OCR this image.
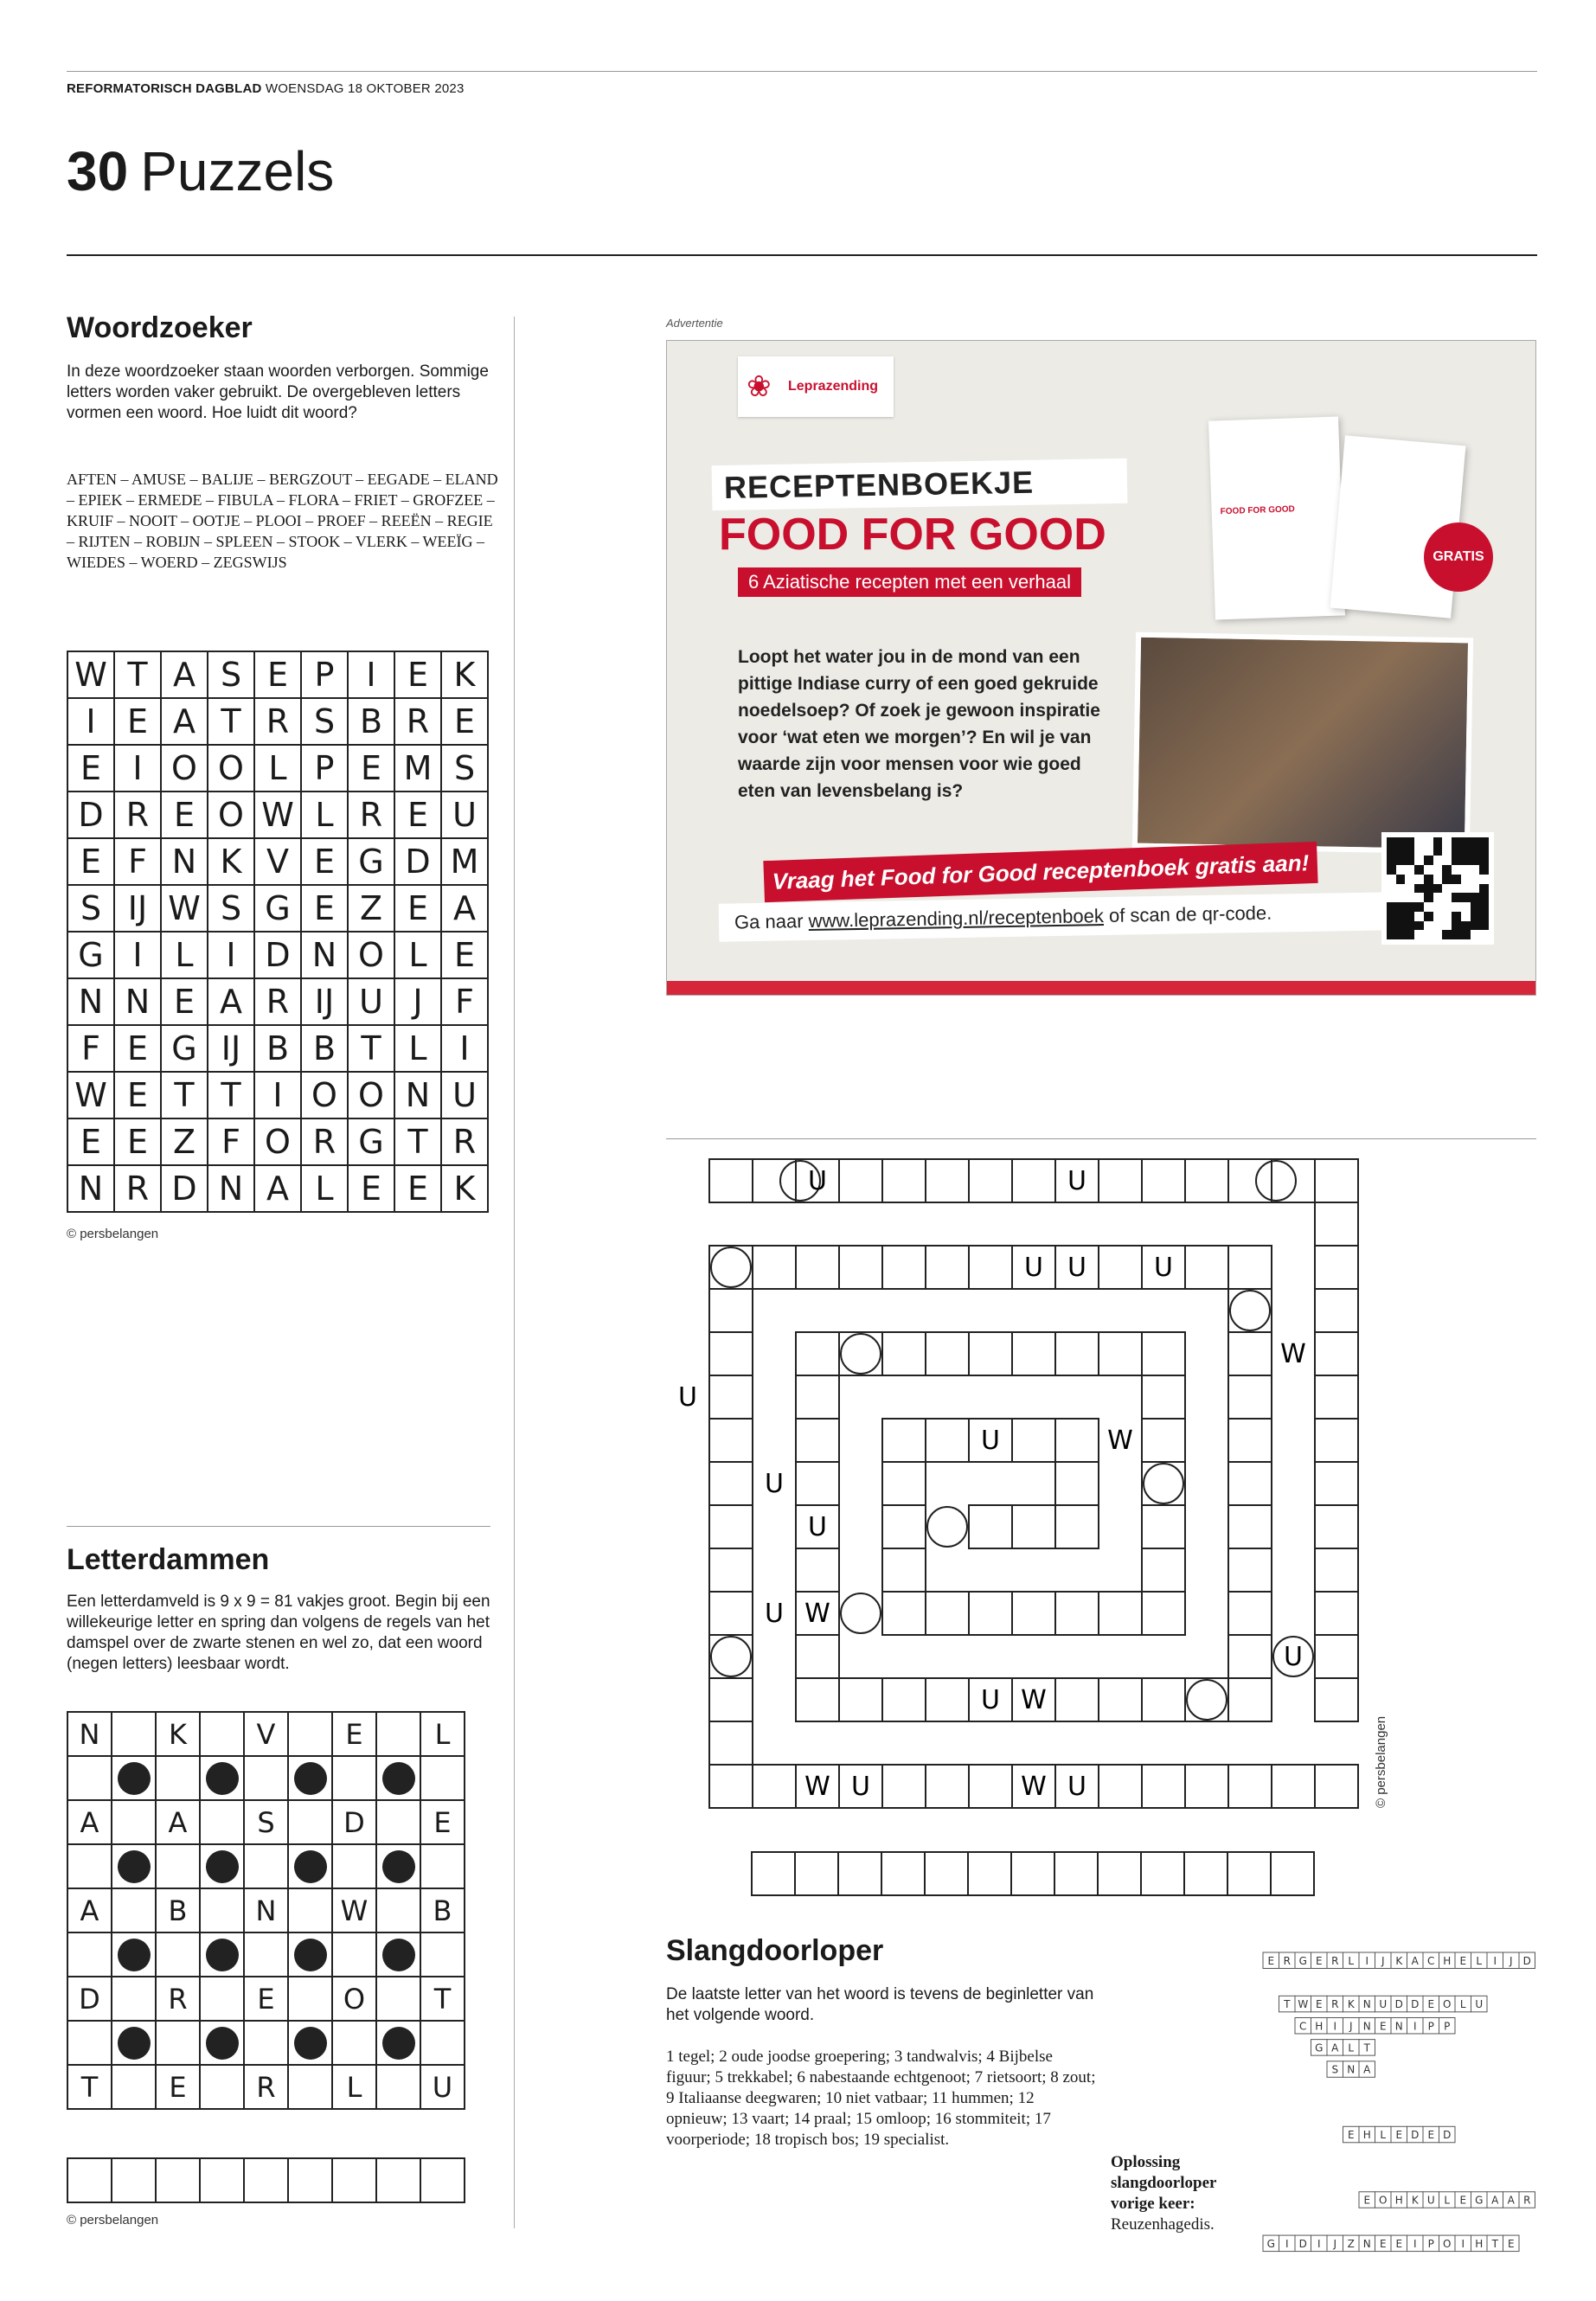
REFORMATORISCH DAGBLAD WOENSDAG 18 OKTOBER 2023
30 Puzzels
Woordzoeker
In deze woordzoeker staan woorden verborgen. Sommige letters worden vaker gebruikt. De overgebleven letters vormen een woord. Hoe luidt dit woord?
AFTEN – AMUSE – BALIJE – BERGZOUT – EEGADE – ELAND – EPIEK – ERMEDE – FIBULA – FLORA – FRIET – GROFZEE – KRUIF – NOOIT – OOTJE – PLOOI – PROEF – REEËN – REGIE – RIJTEN – ROBIJN – SPLEEN – STOOK – VLERK – WEEÏG – WIEDES – WOERD – ZEGSWIJS
W	T	A	S	E	P	I	E	K
I	E	A	T	R	S	B	R	E
E	I	O	O	L	P	E	M	S
D	R	E	O	W	L	R	E	U
E	F	N	K	V	E	G	D	M
S	IJ	W	S	G	E	Z	E	A
G	I	L	I	D	N	O	L	E
N	N	E	A	R	IJ	U	J	F
F	E	G	IJ	B	B	T	L	I
W	E	T	T	I	O	O	N	U
E	E	Z	F	O	R	G	T	R
N	R	D	N	A	L	E	E	K
© persbelangen
Letterdammen
Een letterdamveld is 9 x 9 = 81 vakjes groot. Begin bij een willekeurige letter en spring dan volgens de regels van het damspel over de zwarte stenen en wel zo, dat een woord (negen letters) leesbaar wordt.
N		K		V		E		L

A		A		S		D		E

A		B		N		W		B

D		R		E		O		T

T		E		R		L		U

© persbelangen
Advertentie
❀	Leprazending
RECEPTENBOEKJE
FOOD FOR GOOD
6 Aziatische recepten met een verhaal
FOOD FOR GOOD
GRATIS
Loopt het water jou in de mond van een pittige Indiase curry of een goed gekruide noedelsoep? Of zoek je gewoon inspiratie voor ‘wat eten we morgen’? En wil je van waarde zijn voor mensen voor wie goed eten van levensbelang is?
Vraag het Food for Good receptenboek gratis aan!
Ga naar www.leprazending.nl/receptenboek of scan de qr-code.
U	U
U U	U
W
U
U	W
U
U
U W
U
U W
W U	W U	© persbelangen

Slangdoorloper
De laatste letter van het woord is tevens de beginletter van het volgende woord.
1 tegel; 2 oude joodse groepering; 3 tandwalvis; 4 Bijbelse figuur; 5 trekkabel; 6 nabestaande echtgenoot; 7 rietsoort; 8 zout; 9 Italiaanse deegwaren; 10 niet vatbaar; 11 hummen; 12 opnieuw; 13 vaart; 14 praal; 15 omloop; 16 stommiteit; 17 voorperiode; 18 tropisch bos; 19 specialist.
Oplossing slangdoorloper vorige keer:
Reuzenhagedis.
E R G E R L I J K A C H E L I J D
T W E R K N U D D E O L U
C H I J N E N I P P
G A L T
S N A
E H L E D E D
E O H K U L E G A A R
G I D I J Z N E E I P O I H T E
